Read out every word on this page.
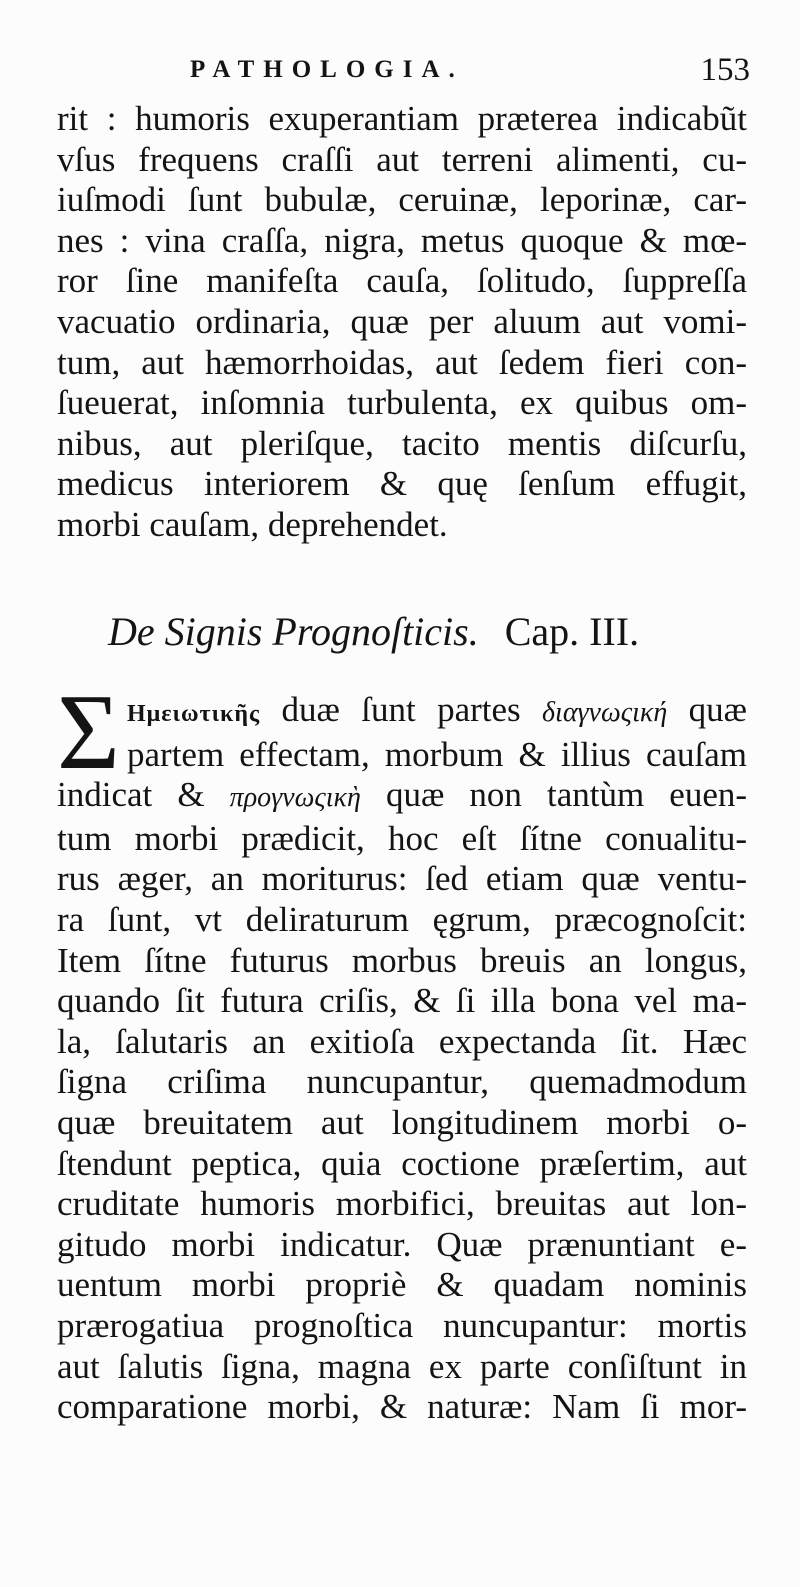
PATHOLOGIA.	153
rit : humoris exuperantiam prӕterea indicabũt
vſus frequens craſſi aut terreni alimenti, cu-
iuſmodi ſunt bubulӕ, ceruinӕ, leporinӕ, car-
nes : vina craſſa, nigra, metus quoque & mœ-
ror ſine manifeſta cauſa, ſolitudo, ſuppreſſa
vacuatio ordinaria, quӕ per aluum aut vomi-
tum, aut hӕmorrhoidas, aut ſedem fieri con-
ſueuerat, inſomnia turbulenta, ex quibus om-
nibus, aut pleriſque, tacito mentis diſcurſu,
medicus interiorem & quę ſenſum effugit,
morbi cauſam, deprehendet.
De Signis Prognoſticis. Cap. III.
Σ Ημειωτικῆς duӕ ſunt partes διαγνωςική quӕ
partem effectam, morbum & illius cauſam
indicat & προγνωςικὴ quӕ non tantùm euen-
tum morbi prӕdicit, hoc eſt ſítne conualitu-
rus ӕger, an moriturus: ſed etiam quӕ ventu-
ra ſunt, vt deliraturum ęgrum, prӕcognoſcit:
Item ſítne futurus morbus breuis an longus,
quando ſit futura criſis, & ſi illa bona vel ma-
la, ſalutaris an exitioſa expectanda ſit. Hӕc
ſigna criſima nuncupantur, quemadmodum
quӕ breuitatem aut longitudinem morbi o-
ſtendunt peptica, quia coctione prӕſertim, aut
cruditate humoris morbifici, breuitas aut lon-
gitudo morbi indicatur. Quӕ prӕnuntiant e-
uentum morbi propriè & quadam nominis
prӕrogatiua prognoſtica nuncupantur: mortis
aut ſalutis ſigna, magna ex parte conſiſtunt in
comparatione morbi, & naturӕ: Nam ſi mor-
